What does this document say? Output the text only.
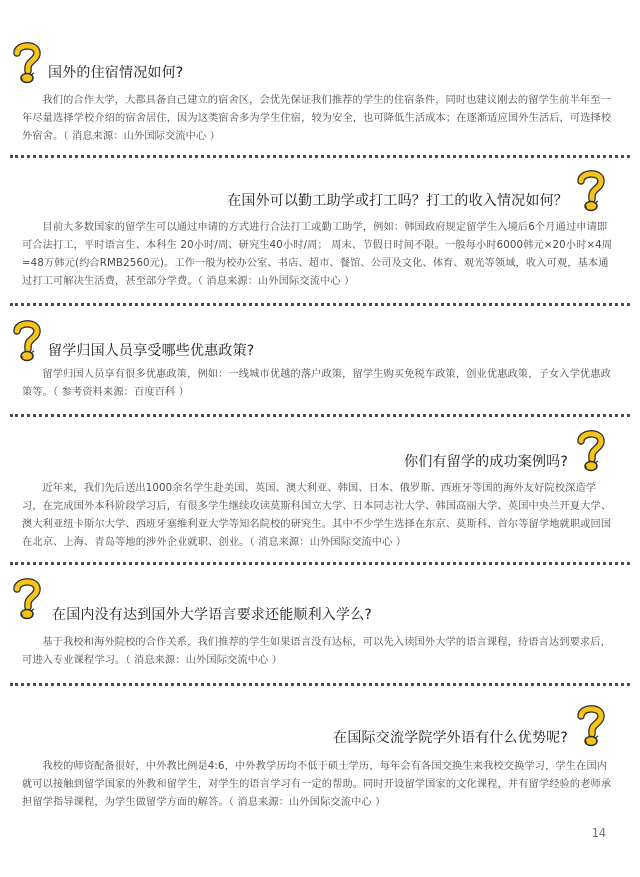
国外的住宿情况如何?
我们的合作大学，大都具备自己建立的宿舍区，会优先保证我们推荐的学生的住宿条件，同时也建议刚去的留学生前半年至一年尽量选择学校介绍的宿舍居住，因为这类宿舍多为学生住宿，较为安全，也可降低生活成本；在逐渐适应国外生活后，可选择校外宿舍。（ 消息来源：山外国际交流中心 ）
在国外可以勤工助学或打工吗？打工的收入情况如何？
目前大多数国家的留学生可以通过申请的方式进行合法打工或勤工助学，例如：韩国政府规定留学生入境后6个月通过申请即可合法打工，平时语言生、本科生 20小时/周、研究生40小时/周； 周末、节假日时间不限。一般每小时6000韩元×20小时×4周=48万韩元(约合RMB2560元)。工作一般为校办公室、书店、超市、餐馆、公司及文化、体育、观光等领域，收入可观，基本通过打工可解决生活费，甚至部分学费。（ 消息来源：山外国际交流中心 ）
留学归国人员享受哪些优惠政策?
留学归国人员享有很多优惠政策，例如：一线城市优越的落户政策，留学生购买免税车政策，创业优惠政策，子女入学优惠政策等。（ 参考资料来源：百度百科 ）
你们有留学的成功案例吗?
近年来，我们先后送出1000余名学生赴美国、英国、澳大利亚、韩国、日本、俄罗斯、西班牙等国的海外友好院校深造学习，在完成国外本科阶段学习后，有很多学生继续攻读莫斯科国立大学、日本同志社大学、韩国高丽大学、英国中央兰开夏大学、澳大利亚纽卡斯尔大学、西班牙塞维利亚大学等知名院校的研究生。其中不少学生选择在东京、莫斯科、首尔等留学地就职或回国在北京、上海、青岛等地的涉外企业就职、创业。（ 消息来源：山外国际交流中心 ）
在国内没有达到国外大学语言要求还能顺利入学么?
基于我校和海外院校的合作关系，我们推荐的学生如果语言没有达标，可以先入读国外大学的语言课程，待语言达到要求后，可进入专业课程学习。（ 消息来源：山外国际交流中心 ）
在国际交流学院学外语有什么优势呢?
我校的师资配备很好，中外教比例是4:6，中外教学历均不低于硕士学历，每年会有各国交换生来我校交换学习，学生在国内就可以接触到留学国家的外教和留学生，对学生的语言学习有一定的帮助。同时开设留学国家的文化课程，并有留学经验的老师承担留学指导课程，为学生做留学方面的解答。（ 消息来源：山外国际交流中心 ）
14
